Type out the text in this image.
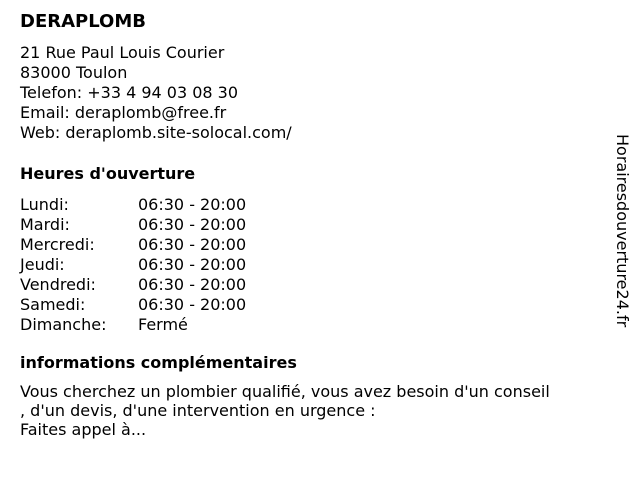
DERAPLOMB
21 Rue Paul Louis Courier
83000 Toulon
Telefon: +33 4 94 03 08 30
Email: deraplomb@free.fr
Web: deraplomb.site-solocal.com/
Heures d'ouverture
Lundi:	06:30 - 20:00
Mardi:	06:30 - 20:00
Mercredi:	06:30 - 20:00
Jeudi:	06:30 - 20:00
Vendredi:	06:30 - 20:00
Samedi:	06:30 - 20:00
Dimanche:	Fermé
informations complémentaires
Vous cherchez un plombier qualifié, vous avez besoin d'un conseil
, d'un devis, d'une intervention en urgence :
Faites appel à...
Horairesdouverture24.fr
